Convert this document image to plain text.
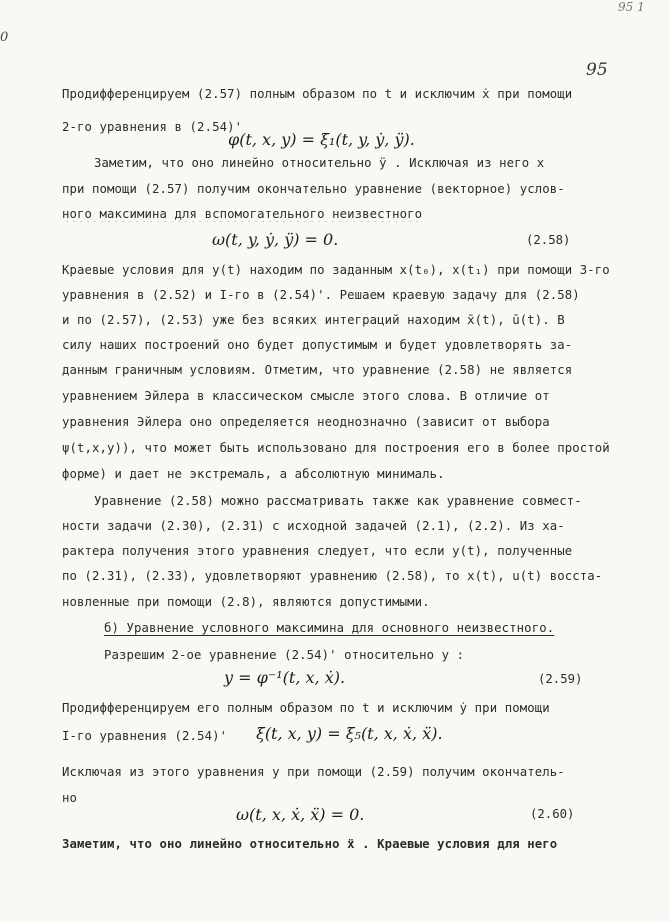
0
95 1
95
Продифференцируем (2.57) полным образом по t и исключим ẋ при помощи
2-го уравнения в (2.54)'
φ(t, x, y) = ξ₁(t, y, ẏ, ÿ).
Заметим, что оно линейно относительно ÿ . Исключая из него x
при помощи (2.57) получим окончательно уравнение (векторное) услов-
ного максимина для вспомогательного неизвестного
ω(t, y, ẏ, ÿ) = 0.	(2.58)
Краевые условия для y(t) находим по заданным x(t₀), x(t₁) при помощи 3-го
уравнения в (2.52) и I-го в (2.54)'. Решаем краевую задачу для (2.58)
и по (2.57), (2.53) уже без всяких интеграций находим x̄(t), ū(t). В
силу наших построений оно будет допустимым и будет удовлетворять за-
данным граничным условиям. Отметим, что уравнение (2.58) не является
уравнением Эйлера в классическом смысле этого слова. В отличие от
уравнения Эйлера оно определяется неоднозначно (зависит от выбора
ψ(t,x,y)), что может быть использовано для построения его в более простой
форме) и дает не экстремаль, а абсолютную минималь.
Уравнение (2.58) можно рассматривать также как уравнение совмест-
ности задачи (2.30), (2.31) с исходной задачей (2.1), (2.2). Из ха-
рактера получения этого уравнения следует, что если y(t), полученные
по (2.31), (2.33), удовлетворяют уравнению (2.58), то x(t), u(t) восста-
новленные при помощи (2.8), являются допустимыми.
б) Уравнение условного максимина для основного неизвестного.
Разрешим 2-ое уравнение (2.54)' относительно y :
y = φ⁻¹(t, x, ẋ).	(2.59)
Продифференцируем его полным образом по t и исключим ẏ при помощи
I-го уравнения (2.54)'	ξ(t, x, y) = ξ₅(t, x, ẋ, ẍ).
Исключая из этого уравнения y при помощи (2.59) получим окончатель-
но
ω(t, x, ẋ, ẍ) = 0.	(2.60)
Заметим, что оно линейно относительно ẍ . Краевые условия для него
